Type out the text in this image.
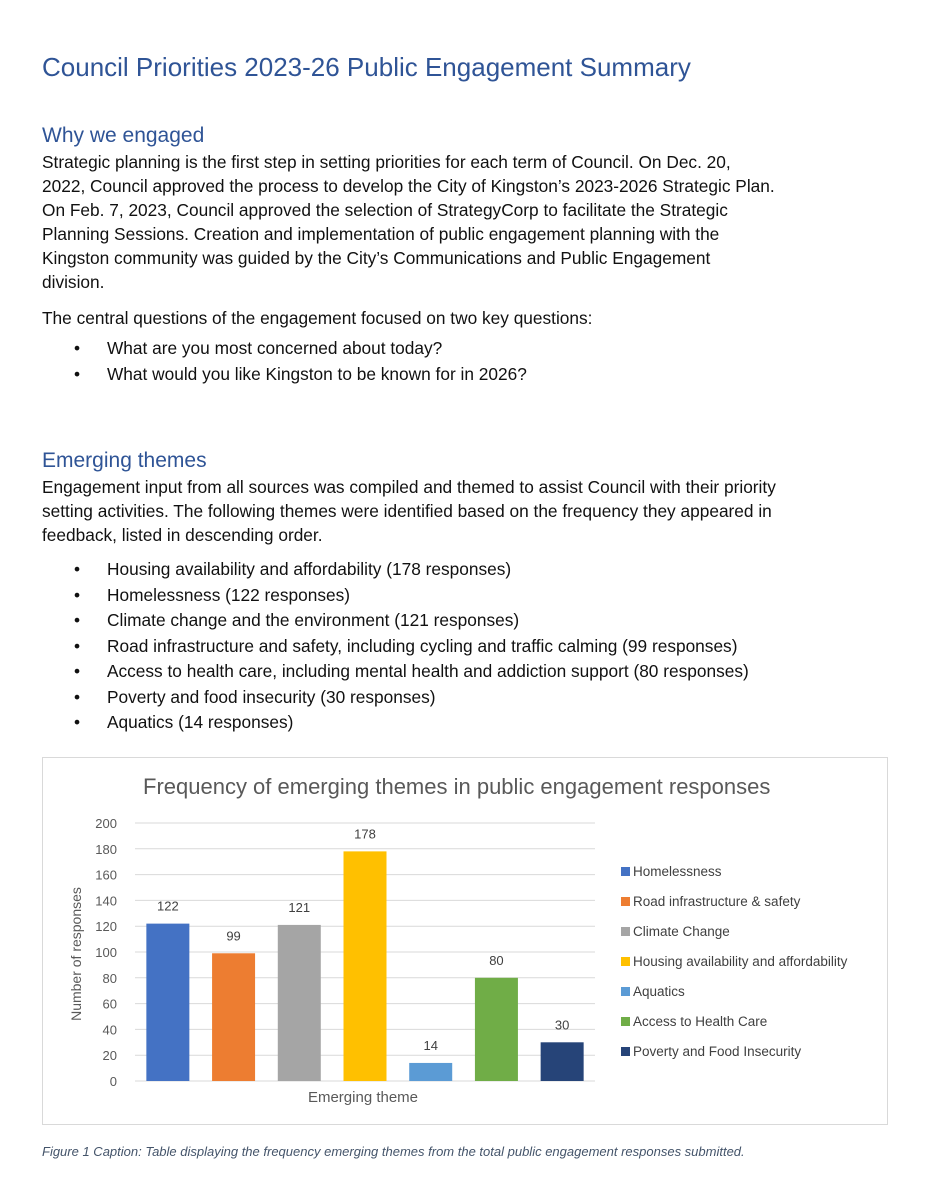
Council Priorities 2023-26 Public Engagement Summary
Why we engaged

Strategic planning is the first step in setting priorities for each term of Council. On Dec. 20,
2022, Council approved the process to develop the City of Kingston’s 2023-2026 Strategic Plan.
On Feb. 7, 2023, Council approved the selection of StrategyCorp to facilitate the Strategic
Planning Sessions. Creation and implementation of public engagement planning with the
Kingston community was guided by the City’s Communications and Public Engagement
division.

The central questions of the engagement focused on two key questions:

• What are you most concerned about today?
• What would you like Kingston to be known for in 2026?
Emerging themes

Engagement input from all sources was compiled and themed to assist Council with their priority
setting activities. The following themes were identified based on the frequency they appeared in
feedback, listed in descending order.

• Housing availability and affordability (178 responses)
• Homelessness (122 responses)
• Climate change and the environment (121 responses)
• Road infrastructure and safety, including cycling and traffic calming (99 responses)
• Access to health care, including mental health and addiction support (80 responses)
• Poverty and food insecurity (30 responses)
• Aquatics (14 responses)
Frequency of emerging themes in public engagement responses
Number of responses
Emerging theme
0
20
40
60
80
100
120
140
160
180
200
122
99
121
178
14
80
30
Homelessness
Road infrastructure & safety
Climate Change
Housing availability and affordability
Aquatics
Access to Health Care
Poverty and Food Insecurity
Figure 1 Caption: Table displaying the frequency emerging themes from the total public engagement responses submitted.
